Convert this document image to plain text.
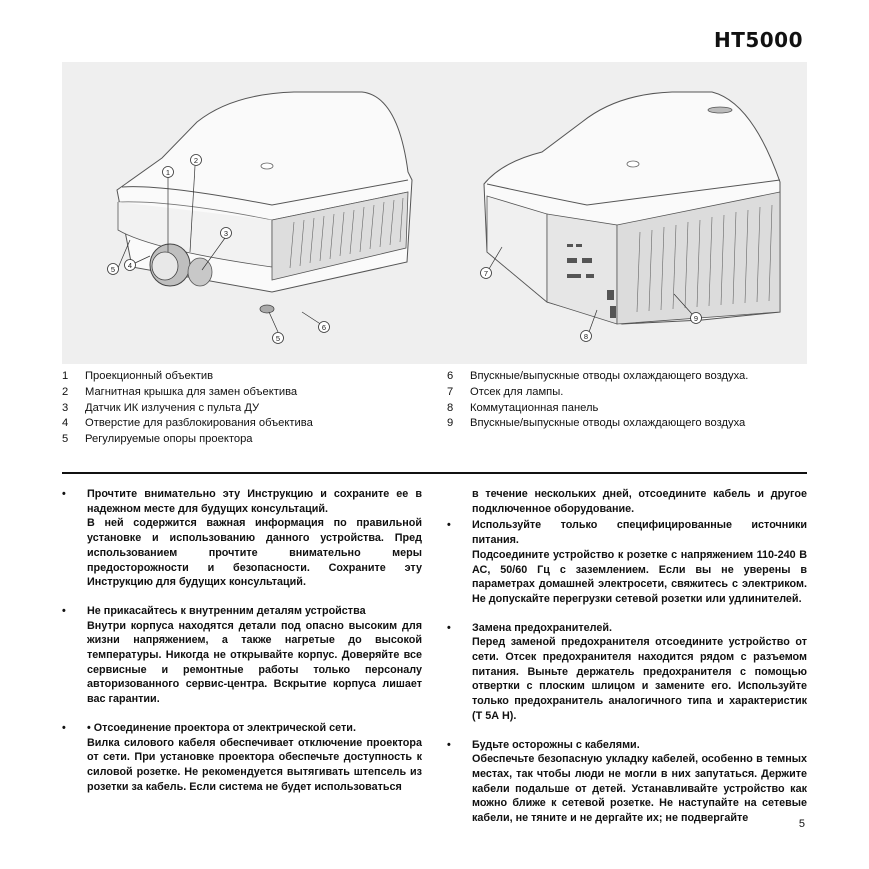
HT5000
1
2
3
4
5
5
6
7
8
9
1	Проекционный объектив
2	Магнитная крышка для замен объектива
3	Датчик ИК излучения с пульта ДУ
4	Отверстие для разблокирования объектива
5	Регулируемые опоры проектора
6	Впускные/выпускные отводы охлаждающего воздуха.
7	Отсек для лампы.
8	Коммутационная панель
9	Впускные/выпускные отводы охлаждающего воздуха
• Прочтите внимательно эту Инструкцию и сохраните ее в надежном месте для будущих консультаций.

В ней содержится важная информация по правильной установке и использованию данного устройства. Пред использованием прочтите внимательно меры предосторожности и безопасности. Сохраните эту Инструкцию для будущих консультаций.

• Не прикасайтесь к внутренним деталям устройства

Внутри корпуса находятся детали под опасно высоким для жизни напряжением, а также нагретые до высокой температуры. Никогда не открывайте корпус. Доверяйте все сервисные и ремонтные работы только персоналу авторизованного сервис-центра. Вскрытие корпуса лишает вас гарантии.

• • Отсоединение проектора от электрической сети.

Вилка силового кабеля обеспечивает отключение проектора от сети. При установке проектора обеспечьте доступность к силовой розетке. Не рекомендуется вытягивать штепсель из розетки за кабель. Если система не будет использоваться

в течение нескольких дней, отсоедините кабель и другое подключенное оборудование.

• Используйте только специфицированные источники питания.

Подсоедините устройство к розетке с напряжением 110-240 В АС, 50/60 Гц с заземлением. Если вы не уверены в параметрах домашней электросети, свяжитесь с электриком. Не допускайте перегрузки сетевой розетки или удлинителей.

• Замена предохранителей.

Перед заменой предохранителя отсоедините устройство от сети. Отсек предохранителя находится рядом с разъемом питания. Выньте держатель предохранителя с помощью отвертки с плоским шлицом и замените его. Используйте только предохранитель аналогичного типа и характеристик (Т 5А Н).

• Будьте осторожны с кабелями.

Обеспечьте безопасную укладку кабелей, особенно в темных местах, так чтобы люди не могли в них запутаться. Держите кабели подальше от детей. Устанавливайте устройство как можно ближе к сетевой розетке. Не наступайте на сетевые кабели, не тяните и не дергайте их; не подвергайте	5
